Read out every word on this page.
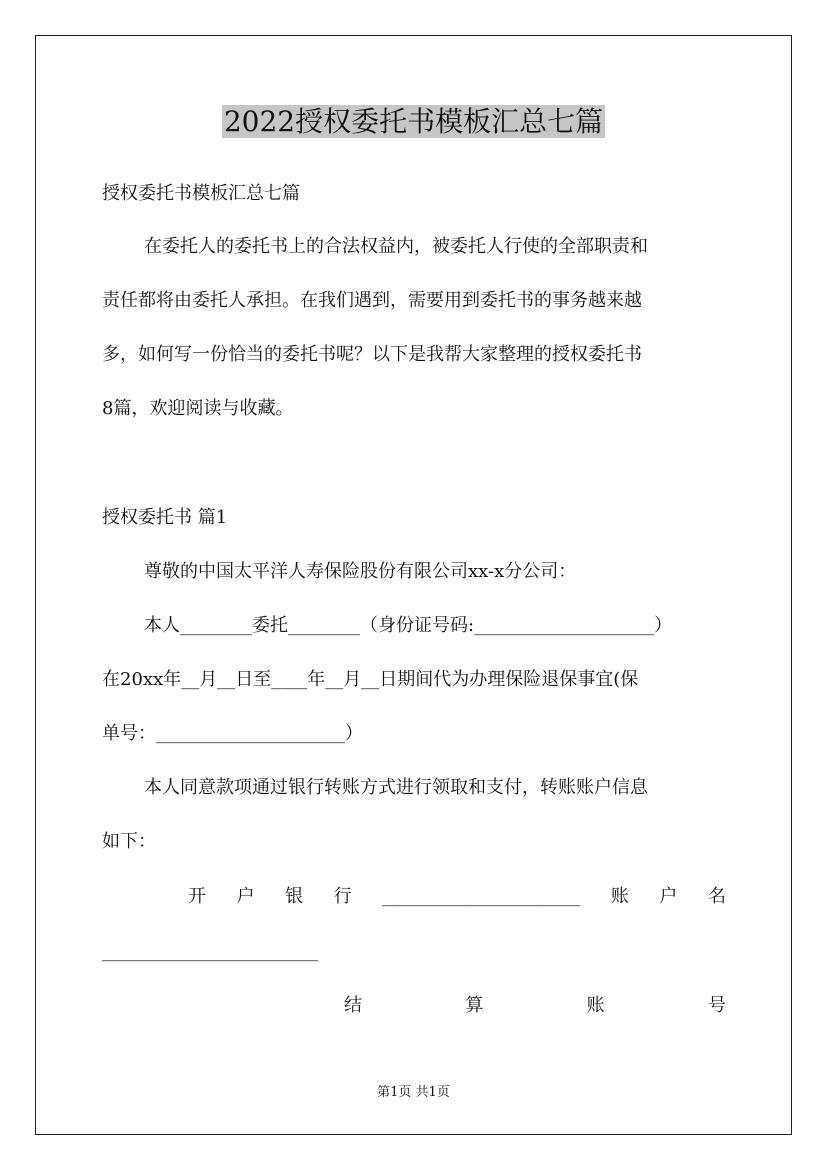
2022授权委托书模板汇总七篇
授权委托书模板汇总七篇
在委托人的委托书上的合法权益内，被委托人行使的全部职责和
责任都将由委托人承担。在我们遇到，需要用到委托书的事务越来越
多，如何写一份恰当的委托书呢？以下是我帮大家整理的授权委托书
8篇，欢迎阅读与收藏。
授权委托书 篇1
尊敬的中国太平洋人寿保险股份有限公司xx-x分公司：
本人________委托________（身份证号码:____________________）
在20xx年__月__日至____年__月__日期间代为办理保险退保事宜(保
单号：_____________________）
本人同意款项通过银行转账方式进行领取和支付，转账账户信息
如下：
开 户 银 行 ______________________ 账 户 名
________________________
结	算	账	号
第1页 共1页
